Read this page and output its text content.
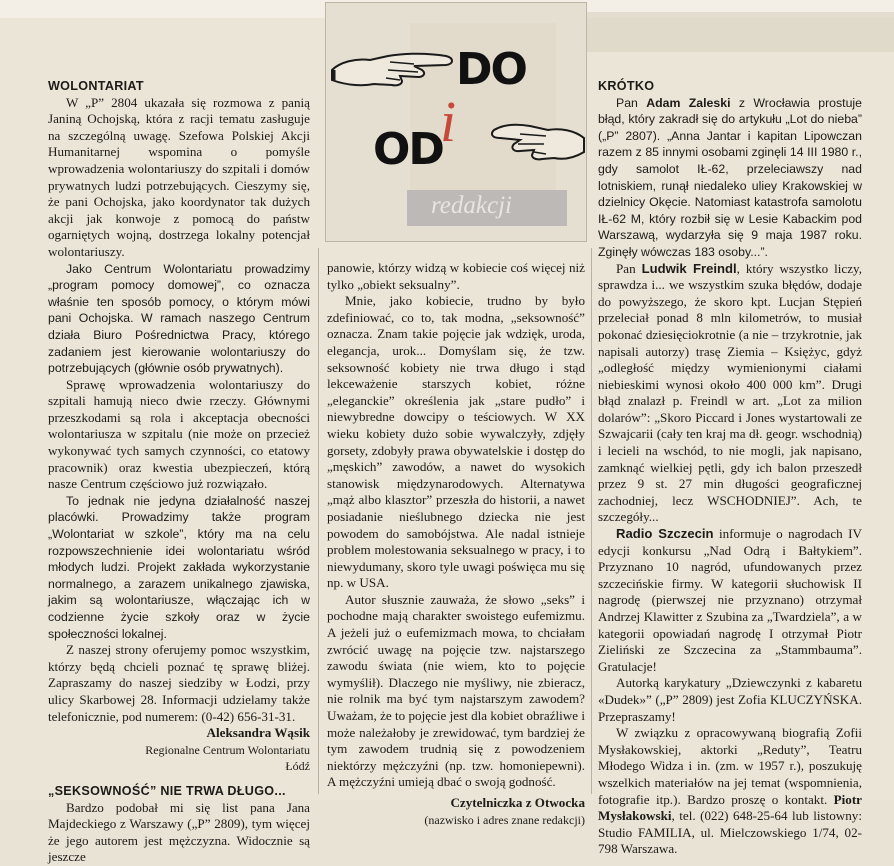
DO
i
OD
redakcji

WOLONTARIAT

W „P” 2804 ukazała się rozmowa z panią Janiną Ochojską, która z racji tematu zasługuje na szczególną uwagę. Szefowa Polskiej Akcji Humanitarnej wspomina o pomyśle wprowadzenia wolontariuszy do szpitali i domów prywatnych ludzi potrzebujących. Cieszymy się, że pani Ochojska, jako koordynator tak dużych akcji jak konwoje z pomocą do państw ogarniętych wojną, dostrzega lokalny potencjał wolontariuszy.

Jako Centrum Wolontariatu prowadzimy „program pomocy domowej”, co oznacza właśnie ten sposób pomocy, o którym mówi pani Ochojska. W ramach naszego Centrum działa Biuro Pośrednictwa Pracy, którego zadaniem jest kierowanie wolontariuszy do potrzebujących (głównie osób prywatnych).

Sprawę wprowadzenia wolontariuszy do szpitali hamują nieco dwie rzeczy. Głównymi przeszkodami są rola i akceptacja obecności wolontariusza w szpitalu (nie może on przecież wykonywać tych samych czynności, co etatowy pracownik) oraz kwestia ubezpieczeń, którą nasze Centrum częściowo już rozwiązało.

To jednak nie jedyna działalność naszej placówki. Prowadzimy także program „Wolontariat w szkole”, który ma na celu rozpowszechnienie idei wolontariatu wśród młodych ludzi. Projekt zakłada wykorzystanie normalnego, a zarazem unikalnego zjawiska, jakim są wolontariusze, włączając ich w codzienne życie szkoły oraz w życie społeczności lokalnej.

Z naszej strony oferujemy pomoc wszystkim, którzy będą chcieli poznać tę sprawę bliżej. Zapraszamy do naszej siedziby w Łodzi, przy ulicy Skarbowej 28. Informacji udzielamy także telefonicznie, pod numerem: (0-42) 656-31-31.

Aleksandra Wąsik

Regionalne Centrum Wolontariatu

Łódź

„SEKSOWNOŚĆ” NIE TRWA DŁUGO...

Bardzo podobał mi się list pana Jana Majdeckiego z Warszawy („P” 2809), tym więcej że jego autorem jest mężczyzna. Widocznie są jeszcze

panowie, którzy widzą w kobiecie coś więcej niż tylko „obiekt seksualny”.

Mnie, jako kobiecie, trudno by było zdefiniować, co to, tak modna, „seksowność” oznacza. Znam takie pojęcie jak wdzięk, uroda, elegancja, urok... Domyślam się, że tzw. seksowność kobiety nie trwa długo i stąd lekceważenie starszych kobiet, różne „eleganckie” określenia jak „stare pudło” i niewybredne dowcipy o teściowych. W XX wieku kobiety dużo sobie wywalczyły, zdjęły gorsety, zdobyły prawa obywatelskie i dostęp do „męskich” zawodów, a nawet do wysokich stanowisk międzynarodowych. Alternatywa „mąż albo klasztor” przeszła do historii, a nawet posiadanie nieślubnego dziecka nie jest powodem do samobójstwa. Ale nadal istnieje problem molestowania seksualnego w pracy, i to niewydumany, skoro tyle uwagi poświęca mu się np. w USA.

Autor słusznie zauważa, że słowo „seks” i pochodne mają charakter swoistego eufemizmu. A jeżeli już o eufemizmach mowa, to chciałam zwrócić uwagę na pojęcie tzw. najstarszego zawodu świata (nie wiem, kto to pojęcie wymyślił). Dlaczego nie myśliwy, nie zbieracz, nie rolnik ma być tym najstarszym zawodem? Uważam, że to pojęcie jest dla kobiet obraźliwe i może należałoby je zrewidować, tym bardziej że tym zawodem trudnią się z powodzeniem niektórzy mężczyźni (np. tzw. homoniepewni). A mężczyźni umieją dbać o swoją godność.

Czytelniczka z Otwocka

(nazwisko i adres znane redakcji)

KRÓTKO

Pan Adam Zaleski z Wrocławia prostuje błąd, który zakradł się do artykułu „Lot do nieba” („P” 2807). „Anna Jantar i kapitan Lipowczan razem z 85 innymi osobami zginęli 14 III 1980 r., gdy samolot IŁ-62, przeleciawszy nad lotniskiem, runął niedaleko uliey Krakowskiej w dzielnicy Okęcie. Natomiast katastrofa samolotu IŁ-62 M, który rozbił się w Lesie Kabackim pod Warszawą, wydarzyła się 9 maja 1987 roku. Zginęły wówczas 183 osoby...”.

Pan Ludwik Freindl, który wszystko liczy, sprawdza i... we wszystkim szuka błędów, dodaje do powyższego, że skoro kpt. Lucjan Stępień przeleciał ponad 8 mln kilometrów, to musiał pokonać dziesięciokrotnie (a nie – trzykrotnie, jak napisali autorzy) trasę Ziemia – Księżyc, gdyż „odległość między wymienionymi ciałami niebieskimi wynosi około 400 000 km”. Drugi błąd znalazł p. Freindl w art. „Lot za milion dolarów”: „Skoro Piccard i Jones wystartowali ze Szwajcarii (cały ten kraj ma dł. geogr. wschodnią) i lecieli na wschód, to nie mogli, jak napisano, zamknąć wielkiej pętli, gdy ich balon przeszedł przez 9 st. 27 min długości geograficznej zachodniej, lecz WSCHODNIEJ”. Ach, te szczegóły...

Radio Szczecin informuje o nagrodach IV edycji konkursu „Nad Odrą i Bałtykiem”. Przyznano 10 nagród, ufundowanych przez szczecińskie firmy. W kategorii słuchowisk II nagrodę (pierwszej nie przyznano) otrzymał Andrzej Klawitter z Szubina za „Twardziela”, a w kategorii opowiadań nagrodę I otrzymał Piotr Zieliński ze Szczecina za „Stammbauma”. Gratulacje!

Autorką karykatury „Dziewczynki z kabaretu «Dudek»” („P” 2809) jest Zofia KLUCZYŃSKA. Przepraszamy!

W związku z opracowywaną biografią Zofii Mysłakowskiej, aktorki „Reduty”, Teatru Młodego Widza i in. (zm. w 1957 r.), poszukuję wszelkich materiałów na jej temat (wspomnienia, fotografie itp.). Bardzo proszę o kontakt. Piotr Mysłakowski, tel. (022) 648-25-64 lub listowny: Studio FAMILIA, ul. Mielczowskiego 1/74, 02-798 Warszawa.
